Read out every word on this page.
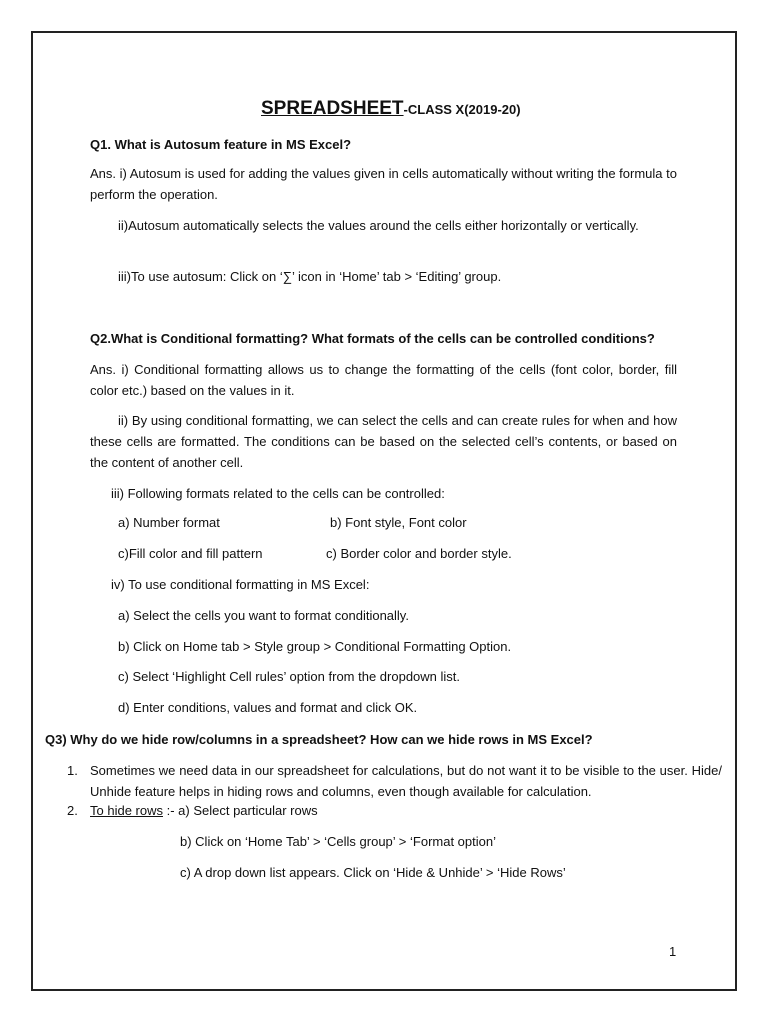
SPREADSHEET-CLASS X(2019-20)
Q1. What is Autosum feature in MS Excel?
Ans. i) Autosum is used for adding the values given in cells automatically without writing the formula to perform the operation.
ii)Autosum automatically selects the values around the cells either horizontally or vertically.
iii)To use autosum: Click on ‘∑’ icon in ‘Home’ tab > ‘Editing’ group.
Q2.What is Conditional formatting? What formats of the cells can be controlled conditions?
Ans. i) Conditional formatting allows us to change the formatting of the cells (font color, border, fill color etc.) based on the values in it.
ii) By using conditional formatting, we can select the cells and can create rules for when and how these cells are formatted. The conditions can be based on the selected cell’s contents, or based on the content of another cell.
iii) Following formats related to the cells can be controlled:
a) Number format	b) Font style, Font color
c)Fill color and fill pattern	c) Border color and border style.
iv) To use conditional formatting in MS Excel:
a) Select the cells you want to format conditionally.
b) Click on Home tab > Style group > Conditional Formatting Option.
c) Select ‘Highlight Cell rules’ option from the dropdown list.
d) Enter conditions, values and format and click OK.
Q3) Why do we hide row/columns in a spreadsheet? How can we hide rows in MS Excel?
1. Sometimes we need data in our spreadsheet for calculations, but do not want it to be visible to the user. Hide/ Unhide feature helps in hiding rows and columns, even though available for calculation.
2. To hide rows :- a) Select particular rows
b) Click on ‘Home Tab’ > ‘Cells group’ > ‘Format option’
c) A drop down list appears. Click on ‘Hide & Unhide’ > ‘Hide Rows’
1
